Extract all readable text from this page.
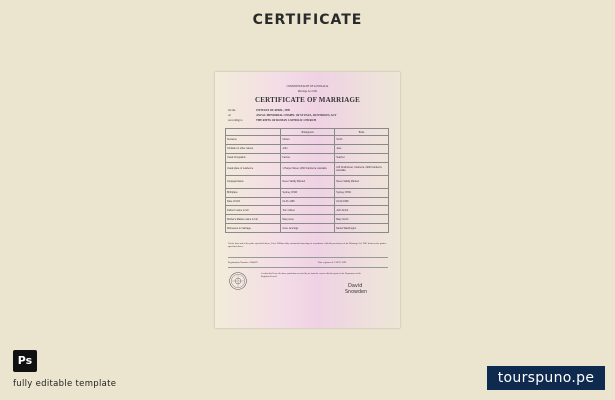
CERTIFICATE
COMMONWEALTH OF AUSTRALIA
Marriage Act 1961
CERTIFICATE OF MARRIAGE
On the	19TH DAY OF APRIL, 1999
At	ANZAC MEMORIAL CHAPEL OF ST PAUL, DUNTROON, ACT
According to	THE RITES OF ROMAN CATHOLIC CHURCH
	Bridegroom	Bride
Surname	Citizen	Smith
Christian or other names	John	Jane
Usual Occupation	Farmer	Teacher
Usual place of residence	1 Harper Street, 2000 Canberra, Australia	123 Smithstreet, Canberra, 2000 Canberra, Australia
Conjugal status	Never Validly Married	Never Validly Married
Birthplace	Sydney, NSW	Sydney, NSW
Date of birth	01-01-1198	01-02-1998
Father's name in full	Tom Citizen	John Smith
Mother's Maiden name in full	Mary Anne	Mary Smith
Witnesses to marriage	Anne Jennings	Daniel Washington
On the date and at the place specified above, Peter William duly solemnised marriage in accordance with the provisions of the Marriage Act 1961 between the parties specified above.
Registration Number: 2284697	Date registered: 3 MAY 1999
I certify that I have the above particulars received by me from the correct official register in the Department of the Registrar-General.
David
Snowden
Ps
fully editable template	tourspuno.pe
